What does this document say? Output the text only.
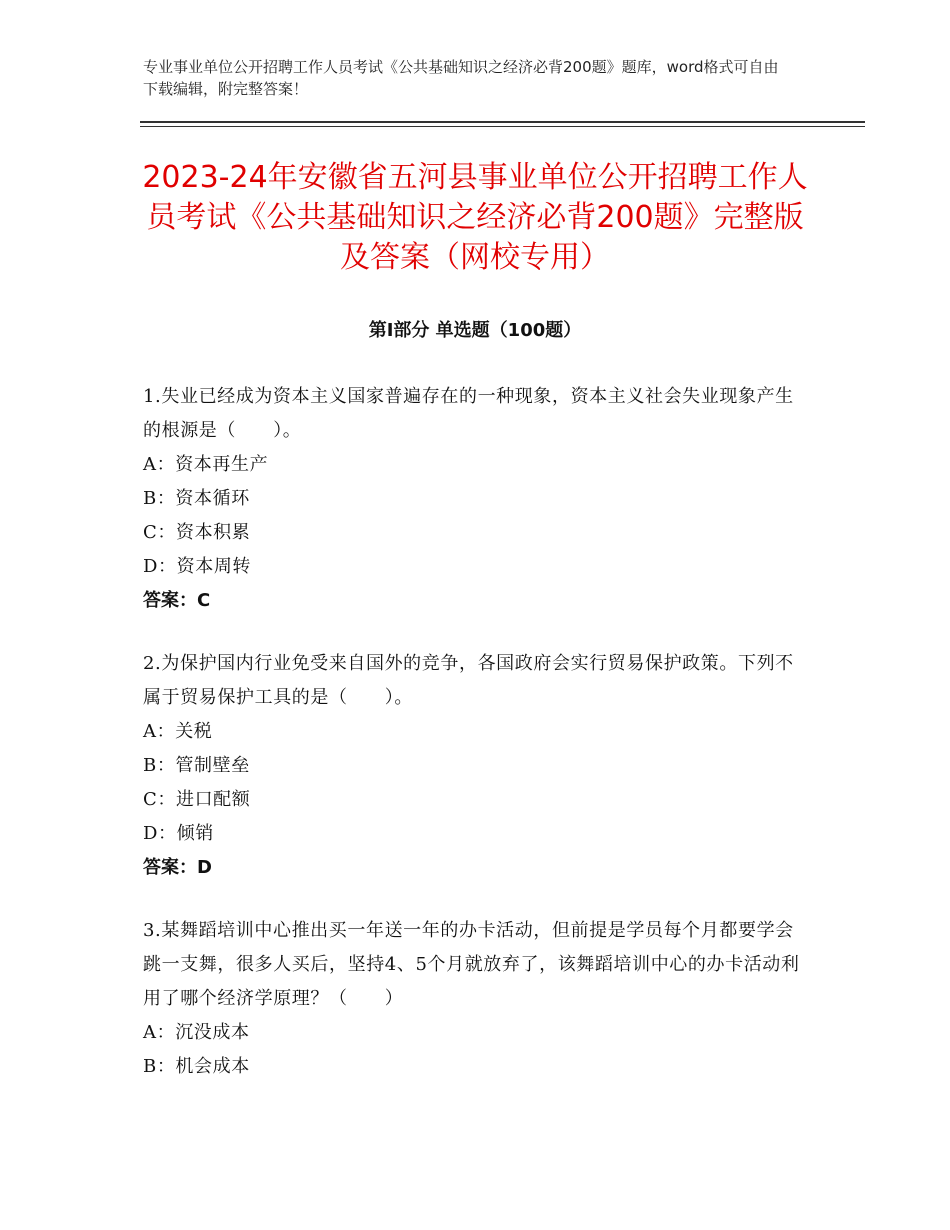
专业事业单位公开招聘工作人员考试《公共基础知识之经济必背200题》题库，word格式可自由下载编辑，附完整答案！
2023-24年安徽省五河县事业单位公开招聘工作人员考试《公共基础知识之经济必背200题》完整版及答案（网校专用）
第Ⅰ部分 单选题（100题）
1.失业已经成为资本主义国家普遍存在的一种现象，资本主义社会失业现象产生的根源是（　　）。
A：资本再生产
B：资本循环
C：资本积累
D：资本周转
答案：C
2.为保护国内行业免受来自国外的竞争，各国政府会实行贸易保护政策。下列不属于贸易保护工具的是（　　）。
A：关税
B：管制壁垒
C：进口配额
D：倾销
答案：D
3.某舞蹈培训中心推出买一年送一年的办卡活动，但前提是学员每个月都要学会跳一支舞，很多人买后，坚持4、5个月就放弃了，该舞蹈培训中心的办卡活动利用了哪个经济学原理？（　　）
A：沉没成本
B：机会成本
